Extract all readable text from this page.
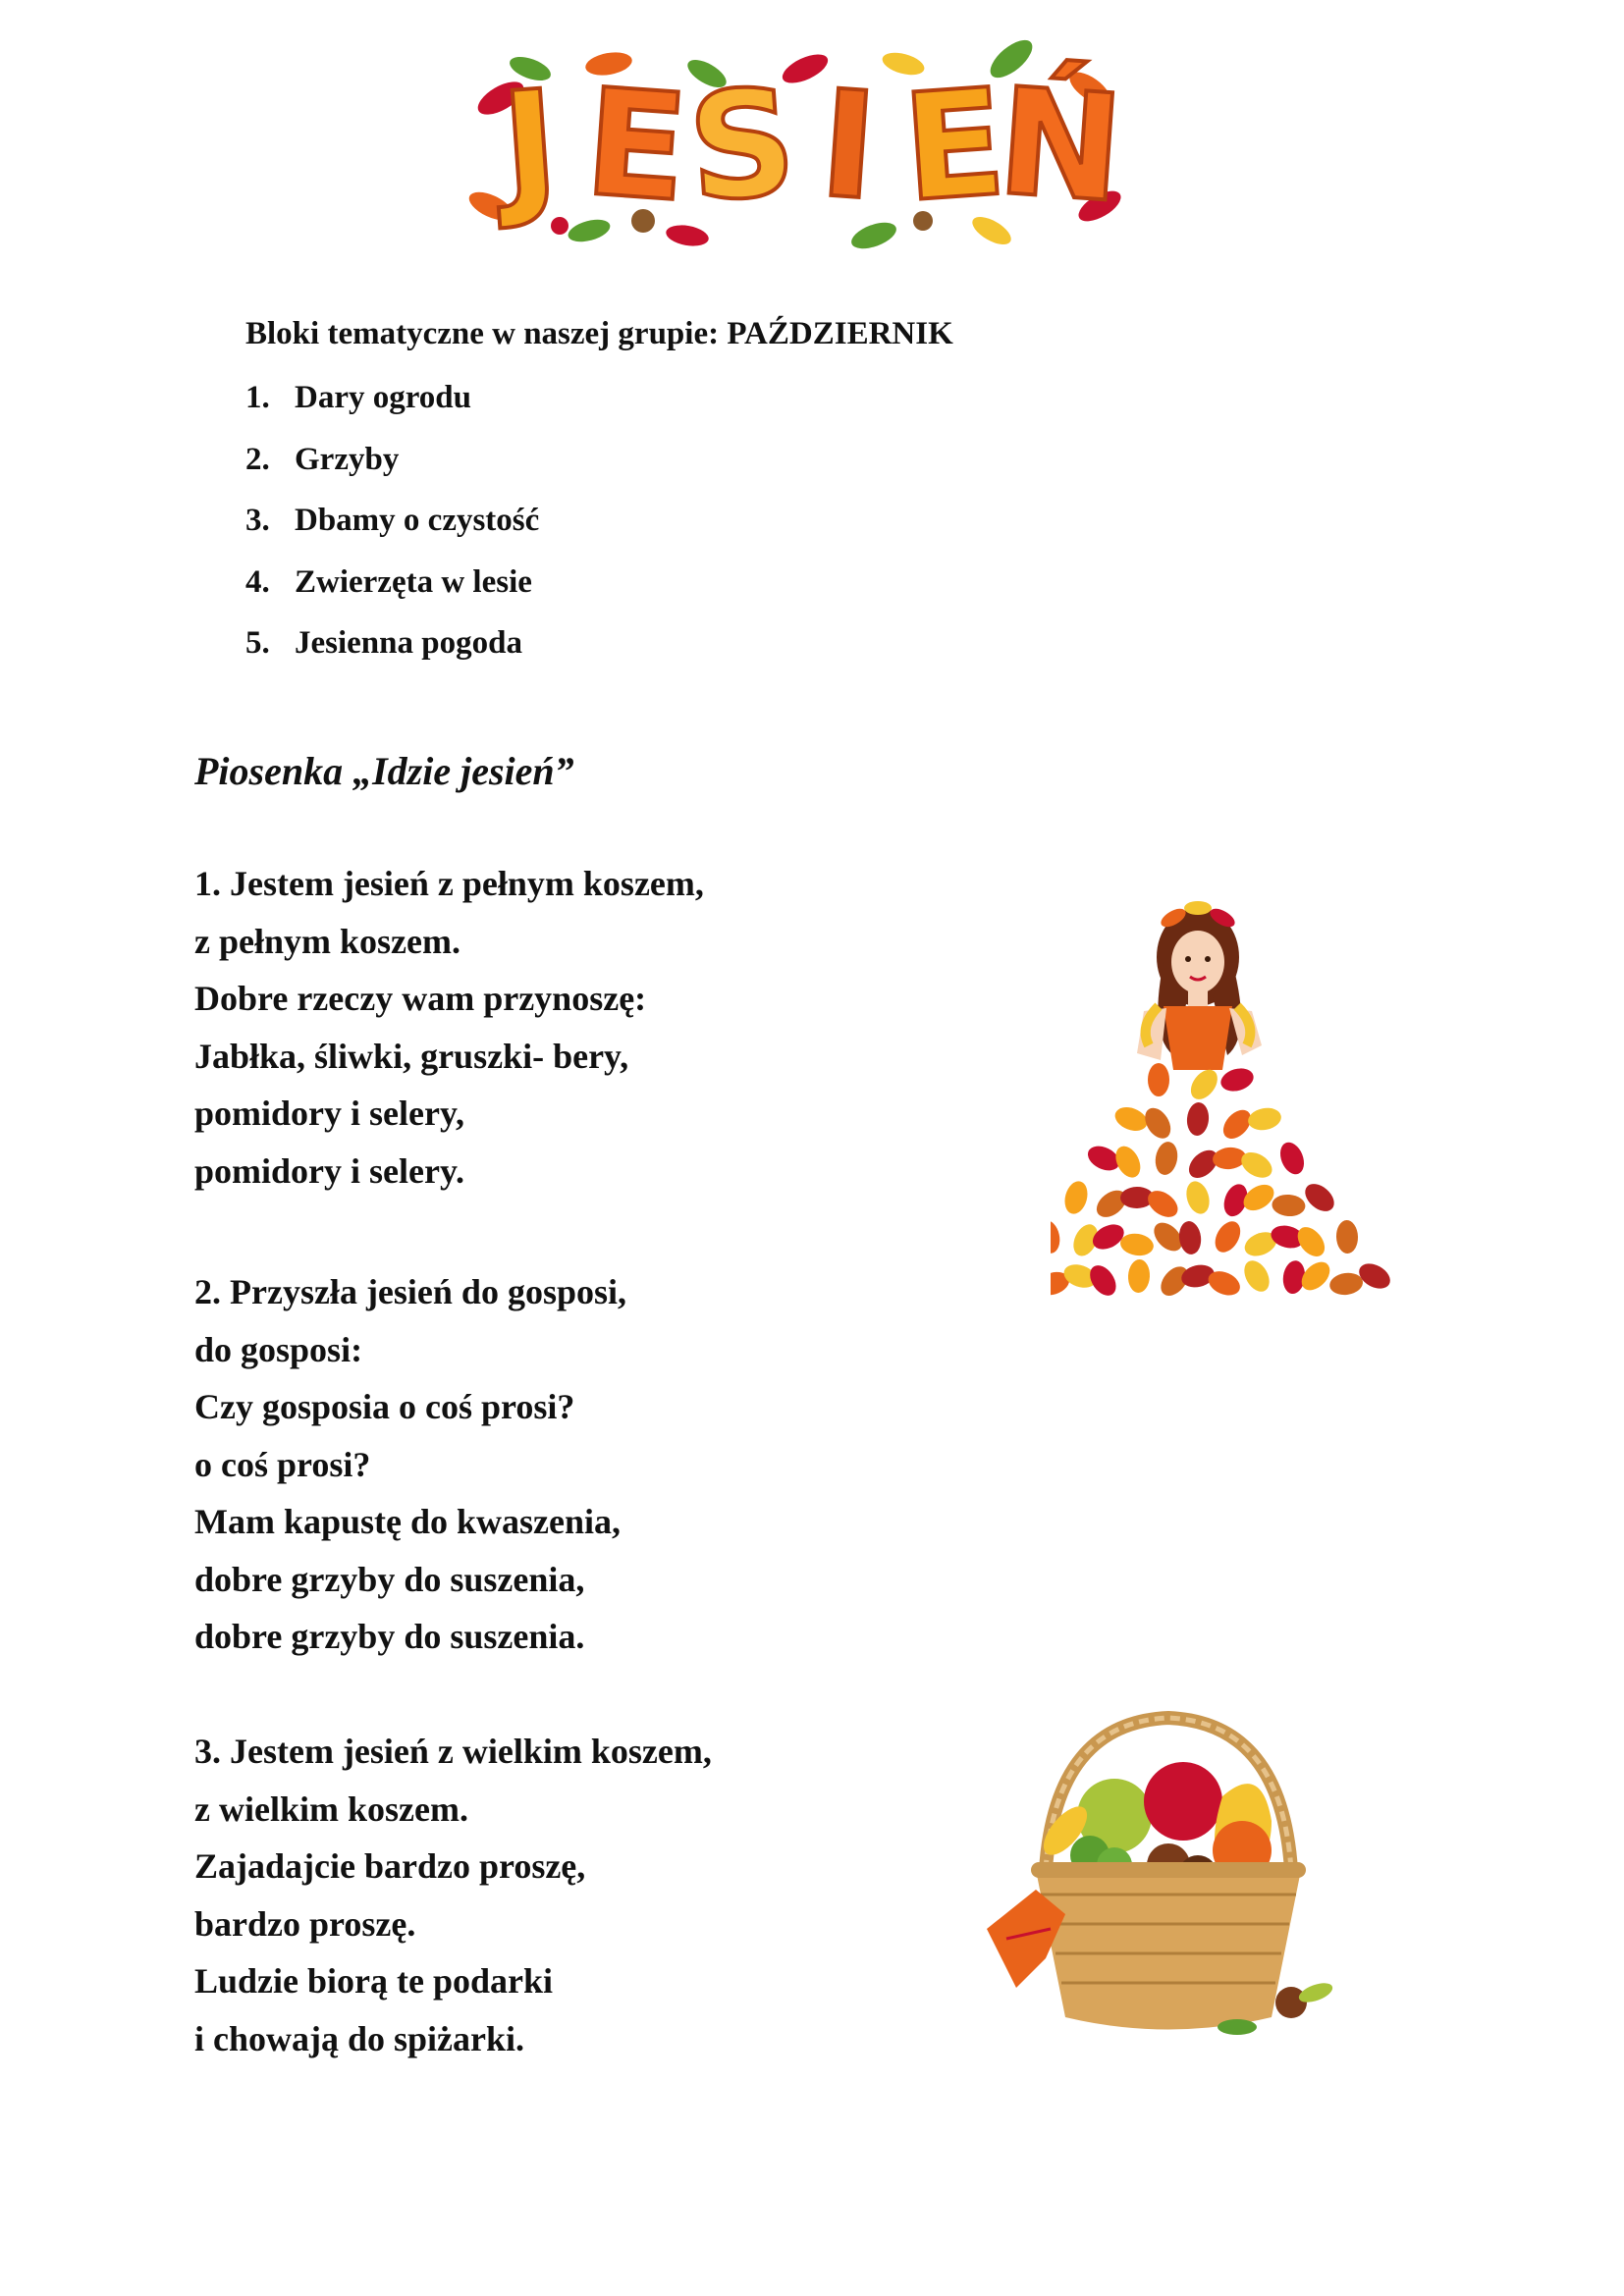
J E
S I E
Ń
Bloki tematyczne w naszej grupie: PAŹDZIERNIK
1. Dary ogrodu
2. Grzyby
3. Dbamy o czystość
4. Zwierzęta w lesie
5. Jesienna pogoda
Piosenka „Idzie jesień”
1. Jestem jesień z pełnym koszem,
z pełnym koszem.
Dobre rzeczy wam przynoszę:
Jabłka, śliwki, gruszki- bery,
pomidory i selery,
pomidory i selery.
2. Przyszła jesień do gosposi,
do gosposi:
Czy gosposia o coś prosi?
o coś prosi?
Mam kapustę do kwaszenia,
dobre grzyby do suszenia,
dobre grzyby do suszenia.
3. Jestem jesień z wielkim koszem,
z wielkim koszem.
Zajadajcie bardzo proszę,
bardzo proszę.
Ludzie biorą te podarki
i chowają do spiżarki.
